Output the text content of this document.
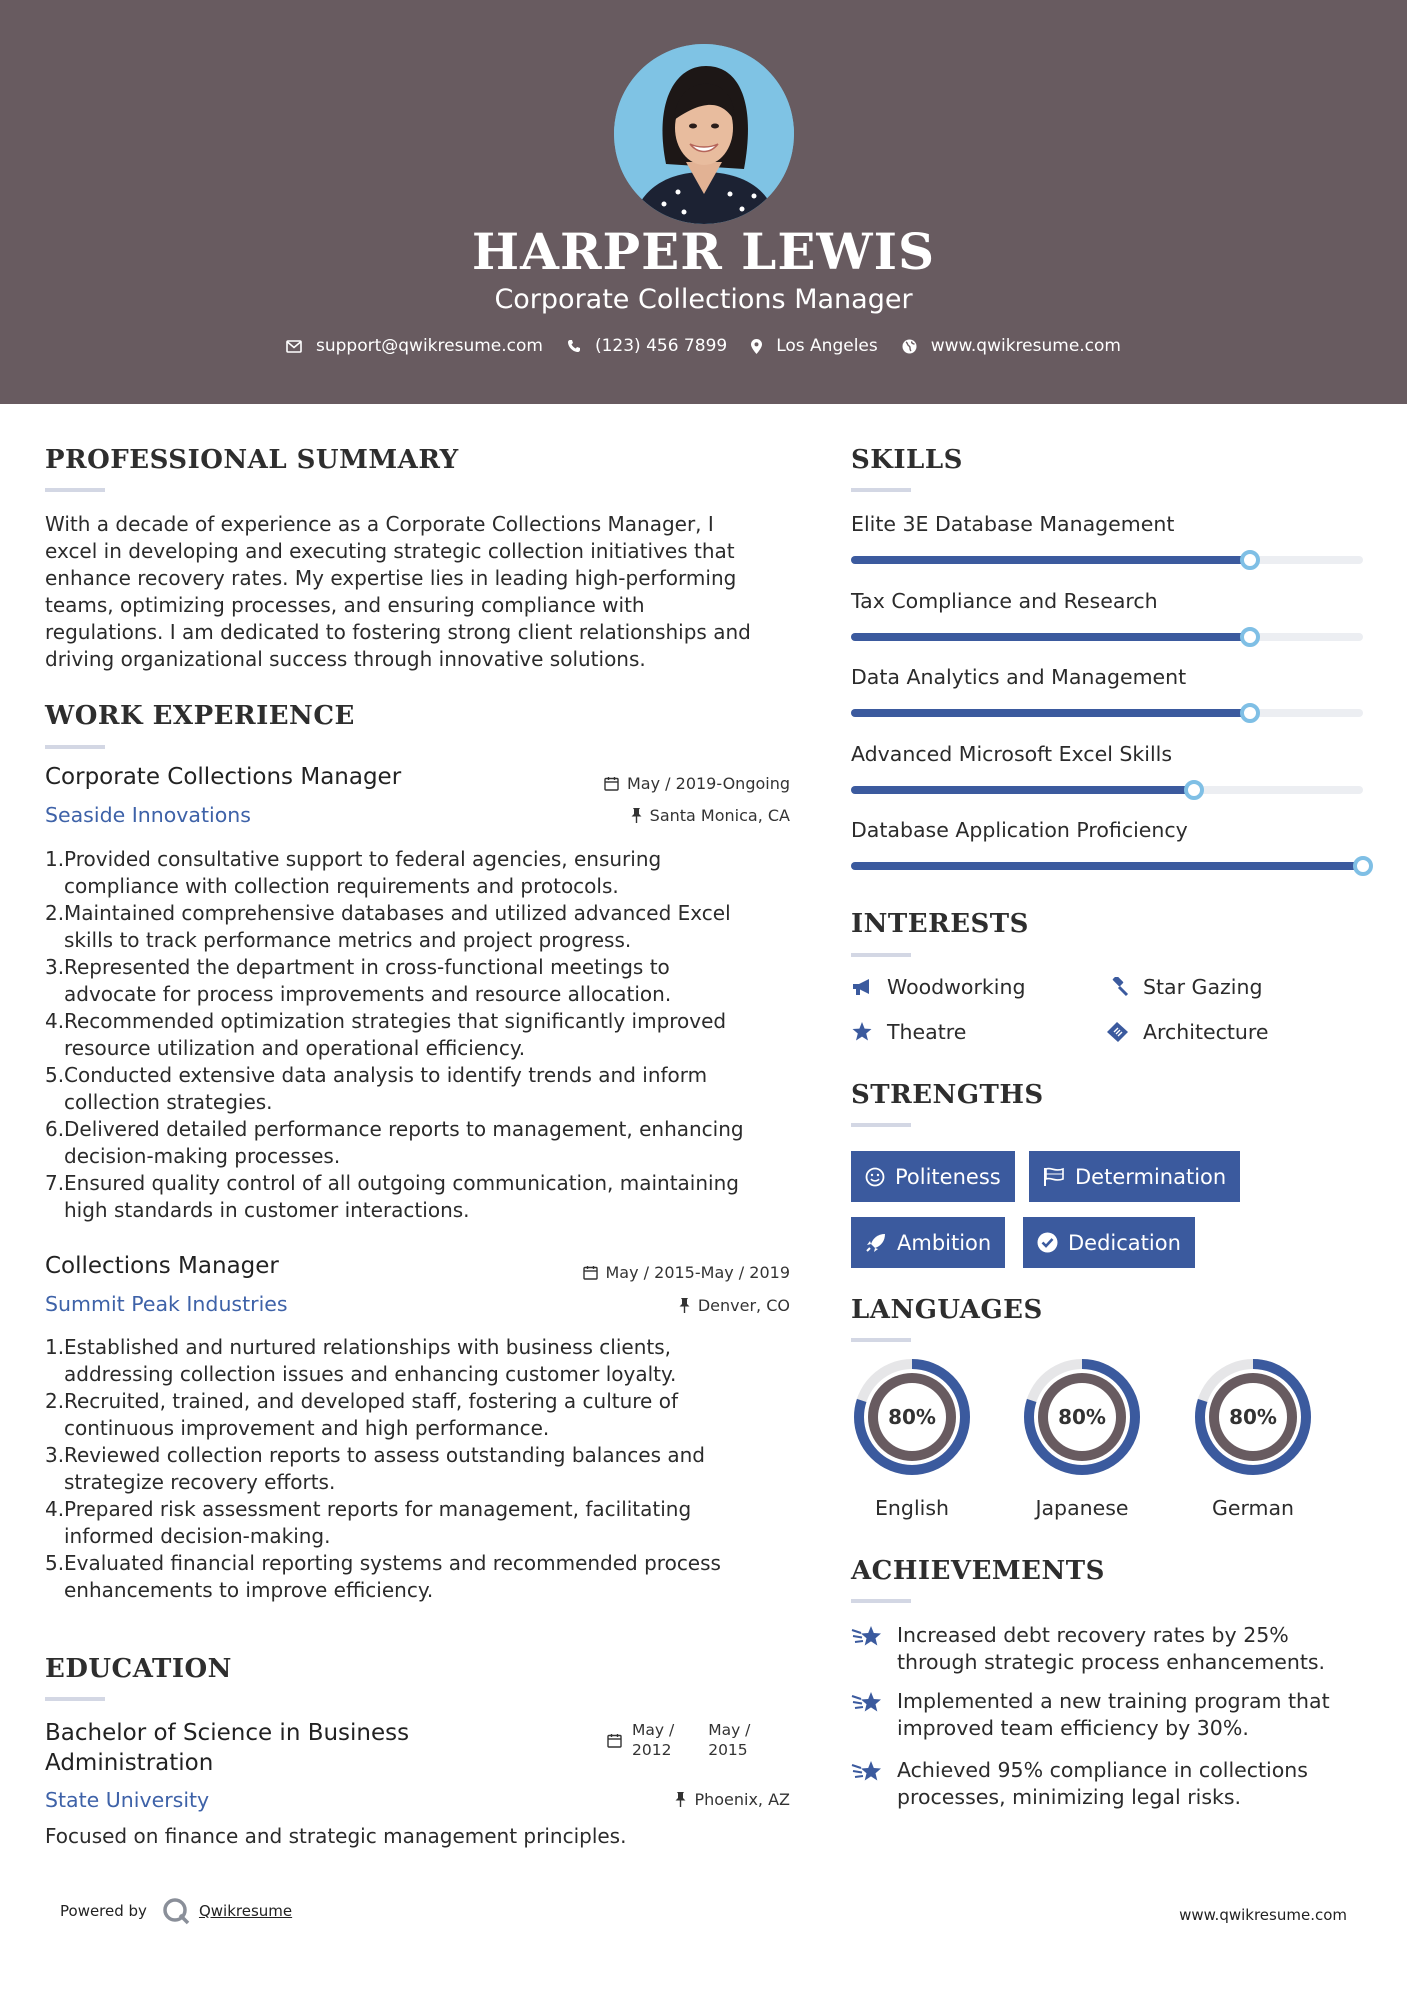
HARPER LEWIS
Corporate Collections Manager
support@qwikresume.com	(123) 456 7899	Los Angeles	www.qwikresume.com
PROFESSIONAL SUMMARY
With a decade of experience as a Corporate Collections Manager, I
excel in developing and executing strategic collection initiatives that
enhance recovery rates. My expertise lies in leading high-performing
teams, optimizing processes, and ensuring compliance with
regulations. I am dedicated to fostering strong client relationships and
driving organizational success through innovative solutions.
WORK EXPERIENCE
Corporate Collections Manager
Seaside Innovations
May / 2019-Ongoing
Santa Monica, CA
1. Provided consultative support to federal agencies, ensuring
compliance with collection requirements and protocols.
2. Maintained comprehensive databases and utilized advanced Excel
skills to track performance metrics and project progress.
3. Represented the department in cross-functional meetings to
advocate for process improvements and resource allocation.
4. Recommended optimization strategies that significantly improved
resource utilization and operational efficiency.
5. Conducted extensive data analysis to identify trends and inform
collection strategies.
6. Delivered detailed performance reports to management, enhancing
decision-making processes.
7. Ensured quality control of all outgoing communication, maintaining
high standards in customer interactions.
Collections Manager
Summit Peak Industries
May / 2015-May / 2019
Denver, CO
1. Established and nurtured relationships with business clients,
addressing collection issues and enhancing customer loyalty.
2. Recruited, trained, and developed staff, fostering a culture of
continuous improvement and high performance.
3. Reviewed collection reports to assess outstanding balances and
strategize recovery efforts.
4. Prepared risk assessment reports for management, facilitating
informed decision-making.
5. Evaluated financial reporting systems and recommended process
enhancements to improve efficiency.
EDUCATION
Bachelor of Science in Business
Administration
State University
May /
2012
May /
2015
Phoenix, AZ
Focused on finance and strategic management principles.
SKILLS
Elite 3E Database Management
Tax Compliance and Research
Data Analytics and Management
Advanced Microsoft Excel Skills
Database Application Proficiency
INTERESTS
Woodworking	Star Gazing
Theatre	Architecture
STRENGTHS
Politeness	Determination
Ambition	Dedication
LANGUAGES
80%
English
80%
Japanese
80%
German
ACHIEVEMENTS
Increased debt recovery rates by 25%
through strategic process enhancements.
Implemented a new training program that
improved team efficiency by 30%.
Achieved 95% compliance in collections
processes, minimizing legal risks.
Powered by	Qwikresume	www.qwikresume.com
